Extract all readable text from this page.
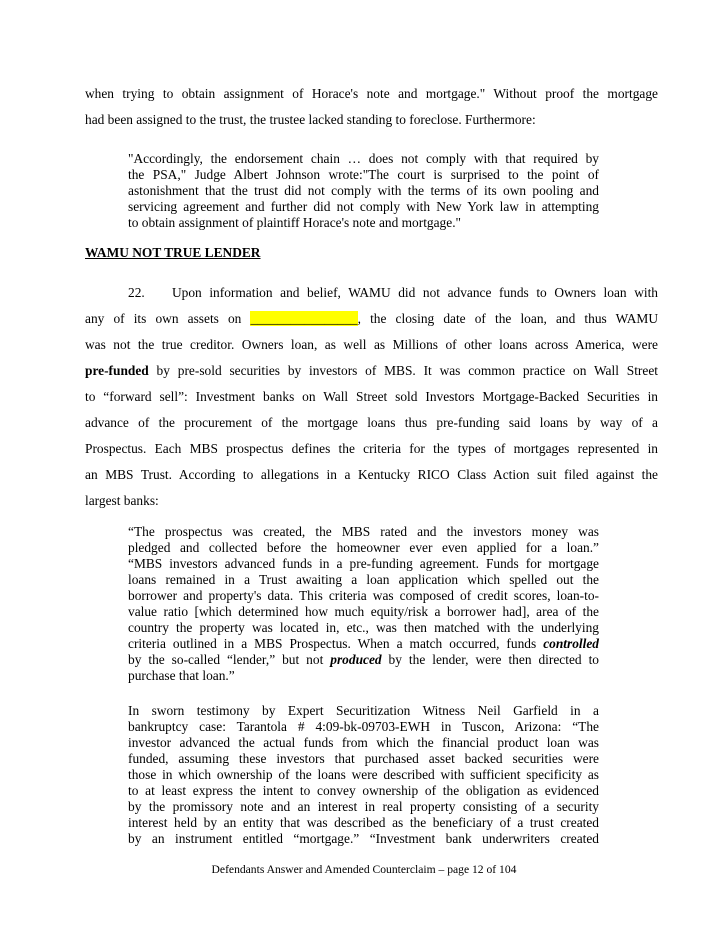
when trying to obtain assignment of Horace's note and mortgage." Without proof the mortgage
had been assigned to the trust, the trustee lacked standing to foreclose. Furthermore:
"Accordingly, the endorsement chain … does not comply with that required by
the PSA," Judge Albert Johnson wrote:"The court is surprised to the point of
astonishment that the trust did not comply with the terms of its own pooling and
servicing agreement and further did not comply with New York law in attempting
to obtain assignment of plaintiff Horace's note and mortgage."
WAMU NOT TRUE LENDER
22. Upon information and belief, WAMU did not advance funds to Owners loan with
any of its own assets on ________________, the closing date of the loan, and thus WAMU
was not the true creditor. Owners loan, as well as Millions of other loans across America, were
pre-funded by pre-sold securities by investors of MBS. It was common practice on Wall Street
to “forward sell”: Investment banks on Wall Street sold Investors Mortgage-Backed Securities in
advance of the procurement of the mortgage loans thus pre-funding said loans by way of a
Prospectus. Each MBS prospectus defines the criteria for the types of mortgages represented in
an MBS Trust. According to allegations in a Kentucky RICO Class Action suit filed against the
largest banks:
“The prospectus was created, the MBS rated and the investors money was
pledged and collected before the homeowner ever even applied for a loan.”
“MBS investors advanced funds in a pre-funding agreement. Funds for mortgage
loans remained in a Trust awaiting a loan application which spelled out the
borrower and property's data. This criteria was composed of credit scores, loan-to-
value ratio [which determined how much equity/risk a borrower had], area of the
country the property was located in, etc., was then matched with the underlying
criteria outlined in a MBS Prospectus. When a match occurred, funds controlled
by the so-called “lender,” but not produced by the lender, were then directed to
purchase that loan.”
In sworn testimony by Expert Securitization Witness Neil Garfield in a
bankruptcy case: Tarantola # 4:09-bk-09703-EWH in Tuscon, Arizona: “The
investor advanced the actual funds from which the financial product loan was
funded, assuming these investors that purchased asset backed securities were
those in which ownership of the loans were described with sufficient specificity as
to at least express the intent to convey ownership of the obligation as evidenced
by the promissory note and an interest in real property consisting of a security
interest held by an entity that was described as the beneficiary of a trust created
by an instrument entitled “mortgage.” “Investment bank underwriters created
Defendants Answer and Amended Counterclaim – page 12 of 104
